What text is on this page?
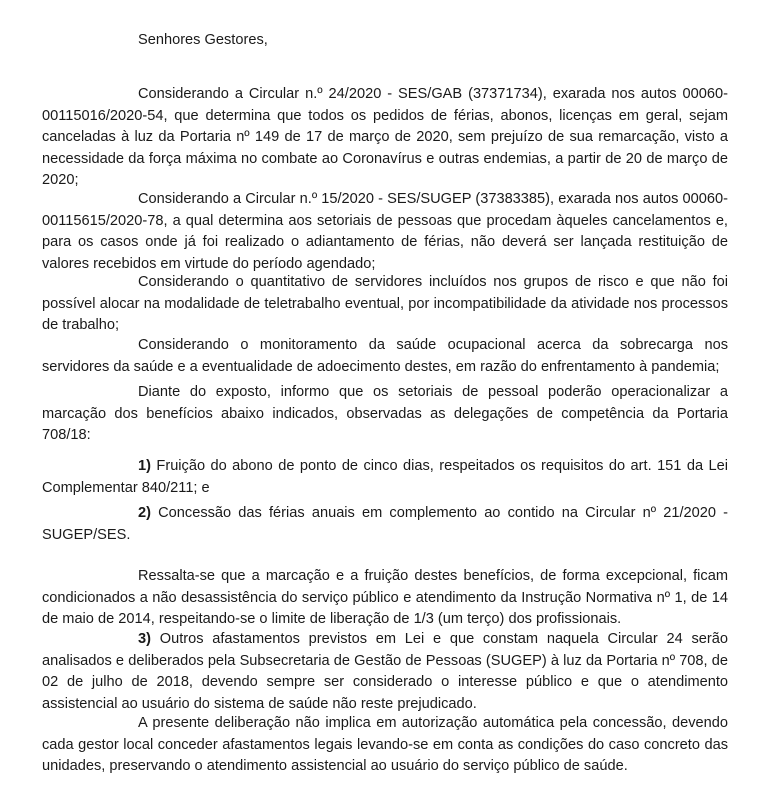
Senhores Gestores,

Considerando a Circular n.º 24/2020 - SES/GAB (37371734), exarada nos autos 00060-00115016/2020-54, que determina que todos os pedidos de férias, abonos, licenças em geral, sejam canceladas à luz da Portaria nº 149 de 17 de março de 2020, sem prejuízo de sua remarcação, visto a necessidade da força máxima no combate ao Coronavírus e outras endemias, a partir de 20 de março de 2020;

Considerando a Circular n.º 15/2020 - SES/SUGEP (37383385), exarada nos autos 00060-00115615/2020-78, a qual determina aos setoriais de pessoas que procedam àqueles cancelamentos e, para os casos onde já foi realizado o adiantamento de férias, não deverá ser lançada restituição de valores recebidos em virtude do período agendado;

Considerando o quantitativo de servidores incluídos nos grupos de risco e que não foi possível alocar na modalidade de teletrabalho eventual, por incompatibilidade da atividade nos processos de trabalho;

Considerando o monitoramento da saúde ocupacional acerca da sobrecarga nos servidores da saúde e a eventualidade de adoecimento destes, em razão do enfrentamento à pandemia;

Diante do exposto, informo que os setoriais de pessoal poderão operacionalizar a marcação dos benefícios abaixo indicados, observadas as delegações de competência da Portaria 708/18:

1) Fruição do abono de ponto de cinco dias, respeitados os requisitos do art. 151 da Lei Complementar 840/211; e

2) Concessão das férias anuais em complemento ao contido na Circular nº 21/2020 - SUGEP/SES.

Ressalta-se que a marcação e a fruição destes benefícios, de forma excepcional, ficam condicionados a não desassistência do serviço público e atendimento da Instrução Normativa nº 1, de 14 de maio de 2014, respeitando-se o limite de liberação de 1/3 (um terço) dos profissionais.

3) Outros afastamentos previstos em Lei e que constam naquela Circular 24 serão analisados e deliberados pela Subsecretaria de Gestão de Pessoas (SUGEP) à luz da Portaria nº 708, de 02 de julho de 2018, devendo sempre ser considerado o interesse público e que o atendimento assistencial ao usuário do sistema de saúde não reste prejudicado.

A presente deliberação não implica em autorização automática pela concessão, devendo cada gestor local conceder afastamentos legais levando-se em conta as condições do caso concreto das unidades, preservando o atendimento assistencial ao usuário do serviço público de saúde.
